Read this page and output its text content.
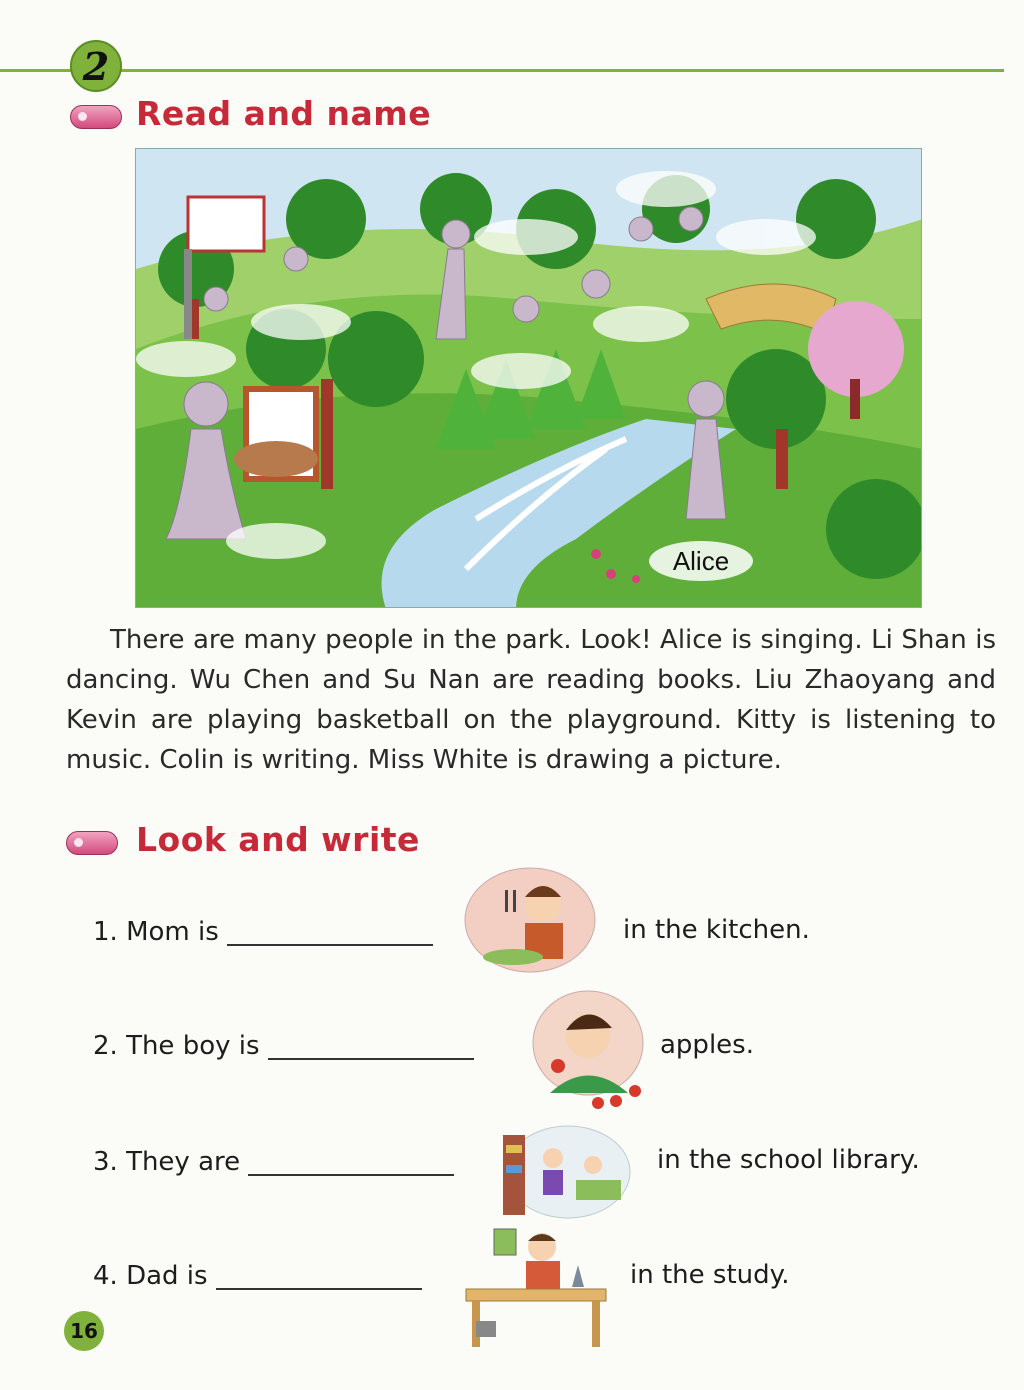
2
Read and name
Alice

There are many people in the park. Look! Alice is singing. Li Shan is dancing. Wu Chen and Su Nan are reading books. Liu Zhaoyang and Kevin are playing basketball on the playground. Kitty is listening to music. Colin is writing. Miss White is drawing a picture.

Look and write
1. Mom is	in the kitchen.
2. The boy is	apples.
3. They are	in the school library.
4. Dad is	in the study.
16
